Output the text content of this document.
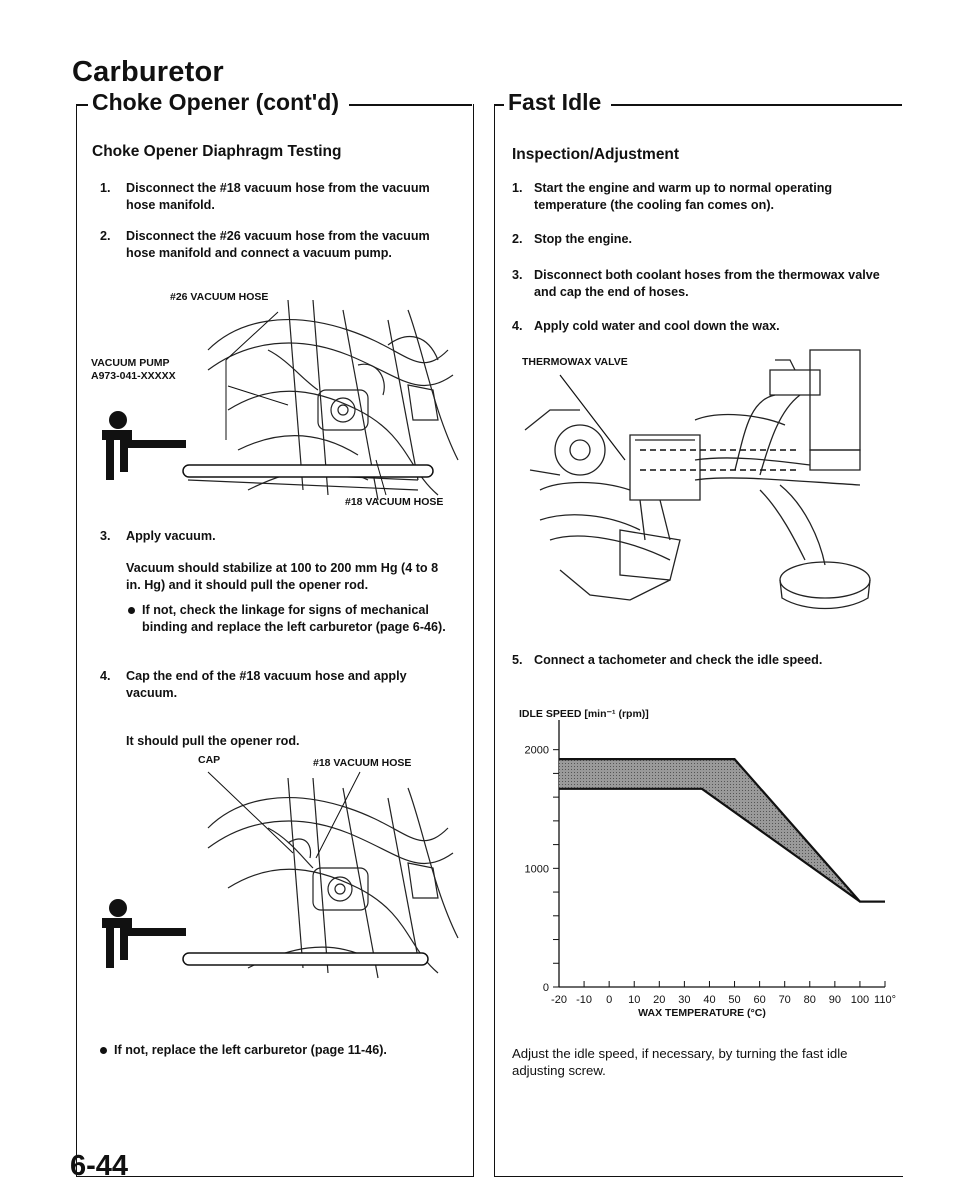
Carburetor
Choke Opener (cont'd)
Choke Opener Diaphragm Testing
1. Disconnect the #18 vacuum hose from the vacuum hose manifold.
2. Disconnect the #26 vacuum hose from the vacuum hose manifold and connect a vacuum pump.
#26 VACUUM HOSE
VACUUM PUMP
A973-041-XXXXX
#18 VACUUM HOSE
3. Apply vacuum.
Vacuum should stabilize at 100 to 200 mm Hg (4 to 8 in. Hg) and it should pull the opener rod.
If not, check the linkage for signs of mechanical binding and replace the left carburetor (page 6-46).
4. Cap the end of the #18 vacuum hose and apply vacuum.
It should pull the opener rod.
CAP	#18 VACUUM HOSE
If not, replace the left carburetor (page 11-46).
6-44
Fast Idle
Inspection/Adjustment
1. Start the engine and warm up to normal operating temperature (the cooling fan comes on).
2. Stop the engine.
3. Disconnect both coolant hoses from the thermowax valve and cap the end of hoses.
4. Apply cold water and cool down the wax.
THERMOWAX VALVE
5. Connect a tachometer and check the idle speed.
IDLE SPEED [min⁻¹ (rpm)]
WAX TEMPERATURE (°C)
0
1000
2000
-20 -10 0 10 20 30 40 50 60 70 80 90 100 110°
Adjust the idle speed, if necessary, by turning the fast idle adjusting screw.
